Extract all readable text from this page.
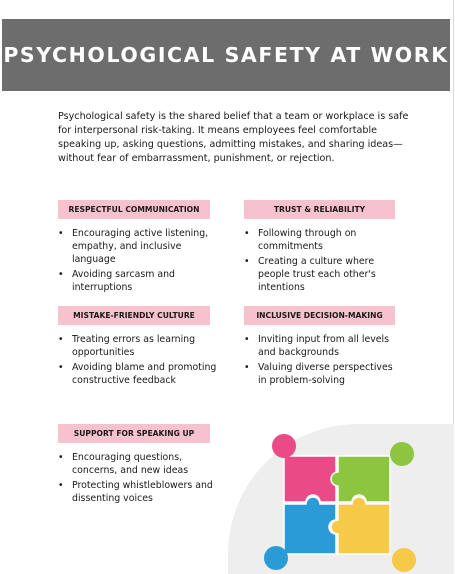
PSYCHOLOGICAL SAFETY AT WORK
Psychological safety is the shared belief that a team or workplace is safe for interpersonal risk-taking. It means employees feel comfortable speaking up, asking questions, admitting mistakes, and sharing ideas—without fear of embarrassment, punishment, or rejection.
RESPECTFUL COMMUNICATION
• Encouraging active listening, empathy, and inclusive language
• Avoiding sarcasm and interruptions
TRUST & RELIABILITY
• Following through on commitments
• Creating a culture where people trust each other's intentions
MISTAKE-FRIENDLY CULTURE
• Treating errors as learning opportunities
• Avoiding blame and promoting constructive feedback
INCLUSIVE DECISION-MAKING
• Inviting input from all levels and backgrounds
• Valuing diverse perspectives in problem-solving
SUPPORT FOR SPEAKING UP
• Encouraging questions, concerns, and new ideas
• Protecting whistleblowers and dissenting voices
